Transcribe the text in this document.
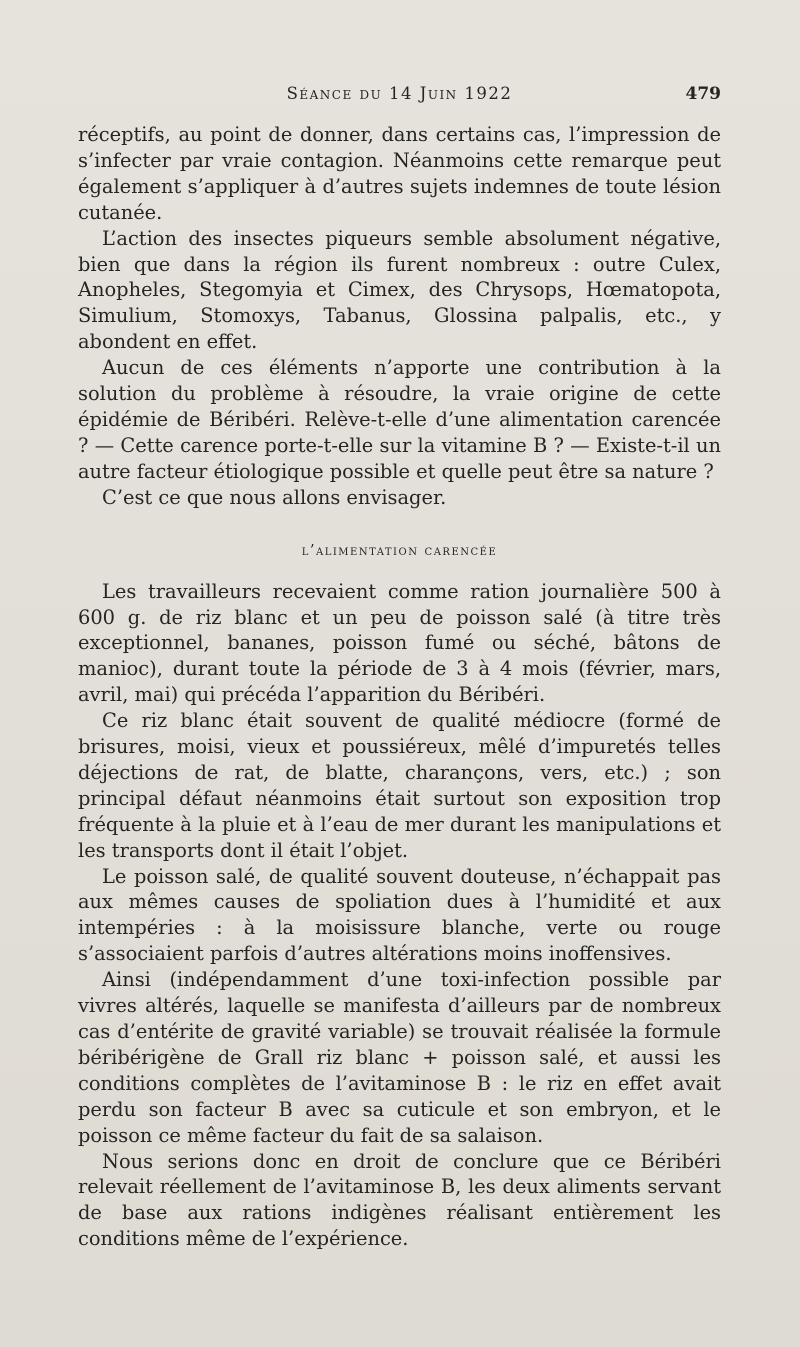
Séance du 14 Juin 1922	479

réceptifs, au point de donner, dans certains cas, l’impression de s’infecter par vraie contagion. Néanmoins cette remarque peut également s’appliquer à d’autres sujets indemnes de toute lésion cutanée.

L’action des insectes piqueurs semble absolument négative, bien que dans la région ils furent nombreux : outre Culex, Anopheles, Stegomyia et Cimex, des Chrysops, Hœmatopota, Simulium, Stomoxys, Tabanus, Glossina palpalis, etc., y abondent en effet.

Aucun de ces éléments n’apporte une contribution à la solution du problème à résoudre, la vraie origine de cette épidémie de Béribéri. Relève-t-elle d’une alimentation carencée ? — Cette carence porte-t-elle sur la vitamine B ? — Existe-t-il un autre facteur étiologique possible et quelle peut être sa nature ?

C’est ce que nous allons envisager.

l’alimentation carencée

Les travailleurs recevaient comme ration journalière 500 à 600 g. de riz blanc et un peu de poisson salé (à titre très exceptionnel, bananes, poisson fumé ou séché, bâtons de manioc), durant toute la période de 3 à 4 mois (février, mars, avril, mai) qui précéda l’apparition du Béribéri.

Ce riz blanc était souvent de qualité médiocre (formé de brisures, moisi, vieux et poussiéreux, mêlé d’impuretés telles déjections de rat, de blatte, charançons, vers, etc.) ; son principal défaut néanmoins était surtout son exposition trop fréquente à la pluie et à l’eau de mer durant les manipulations et les transports dont il était l’objet.

Le poisson salé, de qualité souvent douteuse, n’échappait pas aux mêmes causes de spoliation dues à l’humidité et aux intempéries : à la moisissure blanche, verte ou rouge s’associaient parfois d’autres altérations moins inoffensives.

Ainsi (indépendamment d’une toxi-infection possible par vivres altérés, laquelle se manifesta d’ailleurs par de nombreux cas d’entérite de gravité variable) se trouvait réalisée la formule béribérigène de Grall riz blanc + poisson salé, et aussi les conditions complètes de l’avitaminose B : le riz en effet avait perdu son facteur B avec sa cuticule et son embryon, et le poisson ce même facteur du fait de sa salaison.

Nous serions donc en droit de conclure que ce Béribéri relevait réellement de l’avitaminose B, les deux aliments servant de base aux rations indigènes réalisant entièrement les conditions même de l’expérience.
